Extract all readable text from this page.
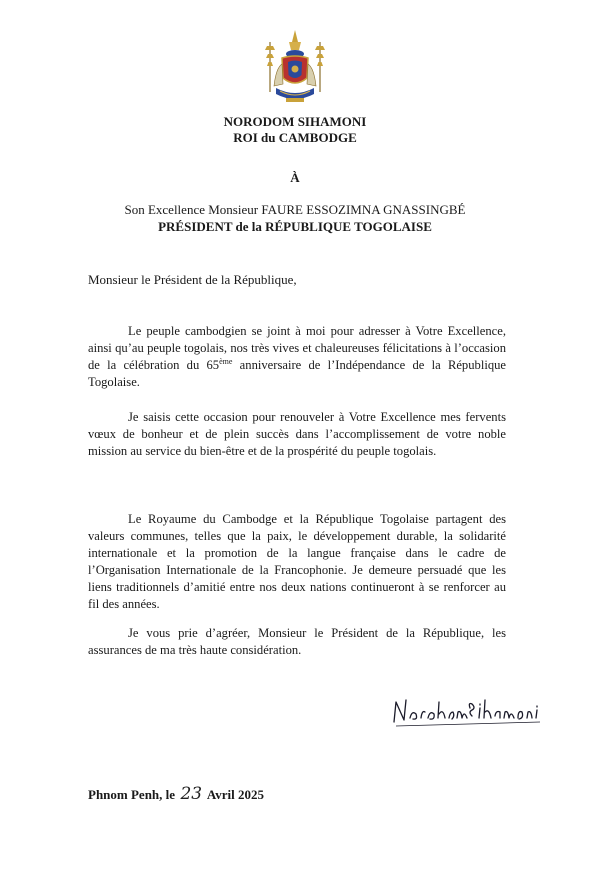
NORODOM SIHAMONI
ROI du CAMBODGE
À
Son Excellence Monsieur FAURE ESSOZIMNA GNASSINGBÉ
PRÉSIDENT de la RÉPUBLIQUE TOGOLAISE
Monsieur le Président de la République,

Le peuple cambodgien se joint à moi pour adresser à Votre Excellence, ainsi qu’au peuple togolais, nos très vives et chaleureuses félicitations à l’occasion de la célébration du 65ème anniversaire de l’Indépendance de la République Togolaise.

Je saisis cette occasion pour renouveler à Votre Excellence mes fervents vœux de bonheur et de plein succès dans l’accomplissement de votre noble mission au service du bien-être et de la prospérité du peuple togolais.

Le Royaume du Cambodge et la République Togolaise partagent des valeurs communes, telles que la paix, le développement durable, la solidarité internationale et la promotion de la langue française dans le cadre de l’Organisation Internationale de la Francophonie. Je demeure persuadé que les liens traditionnels d’amitié entre nos deux nations continueront à se renforcer au fil des années.

Je vous prie d’agréer, Monsieur le Président de la République, les assurances de ma très haute considération.

Phnom Penh, le 23 Avril 2025
